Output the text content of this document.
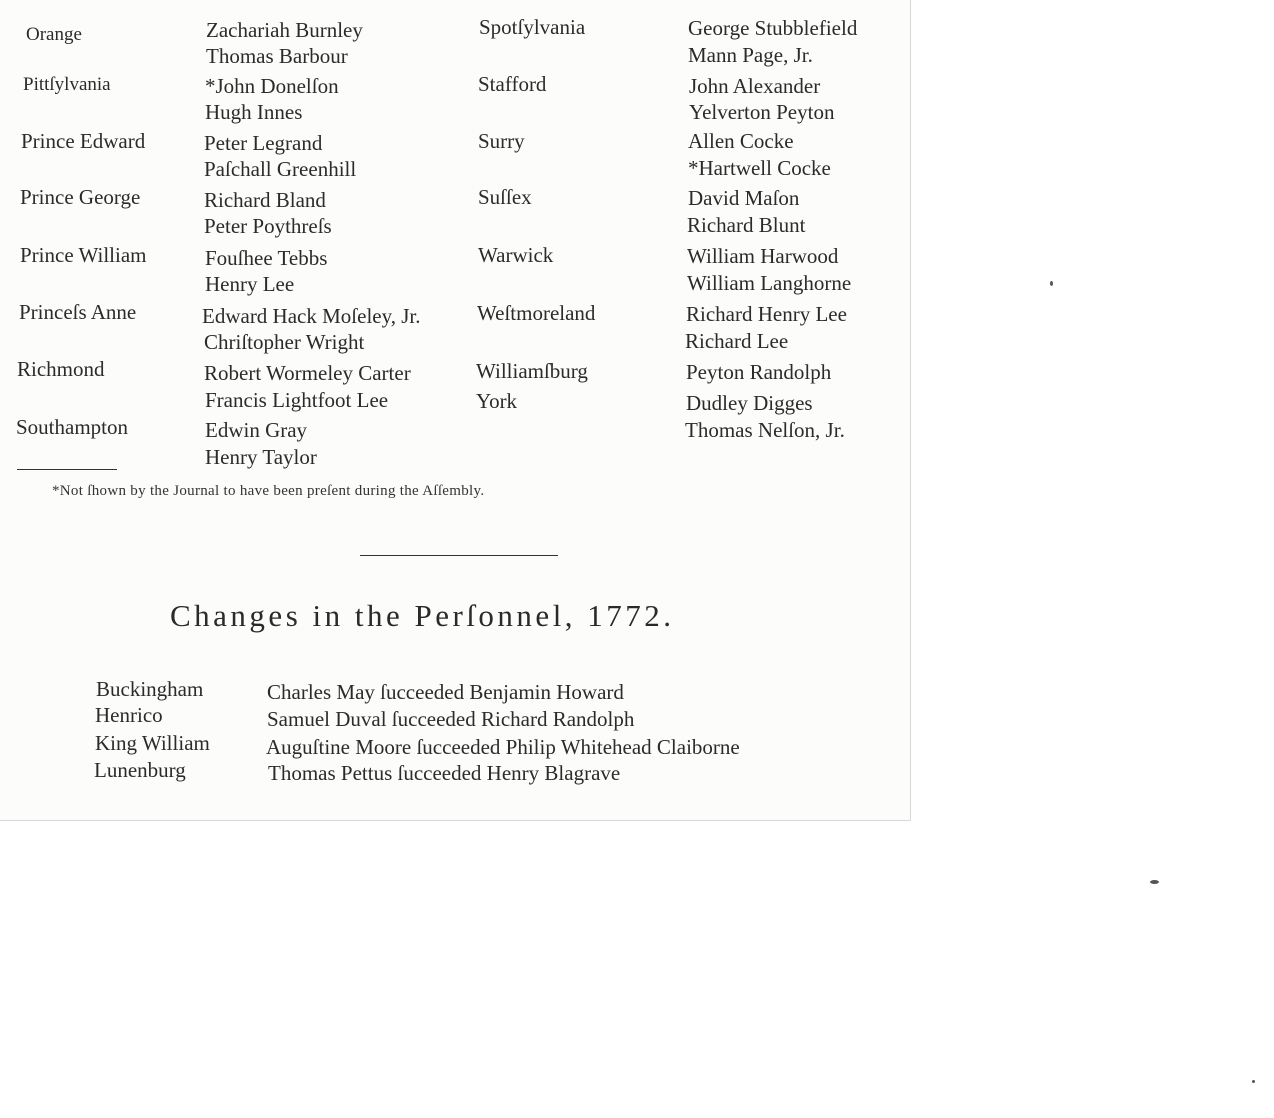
Orange
Pittſylvania
Prince Edward
Prince George
Prince William
Princeſs Anne
Richmond
Southampton
Zachariah Burnley
Thomas Barbour
*John Donelſon
Hugh Innes
Peter Legrand
Paſchall Greenhill
Richard Bland
Peter Poythreſs
Fouſhee Tebbs
Henry Lee
Edward Hack Moſeley, Jr.
Chriſtopher Wright
Robert Wormeley Carter
Francis Lightfoot Lee
Edwin Gray
Henry Taylor
Spotſylvania
Stafford
Surry
Suſſex
Warwick
Weſtmoreland
Williamſburg
York
George Stubblefield
Mann Page, Jr.
John Alexander
Yelverton Peyton
Allen Cocke
*Hartwell Cocke
David Maſon
Richard Blunt
William Harwood
William Langhorne
Richard Henry Lee
Richard Lee
Peyton Randolph
Dudley Digges
Thomas Nelſon, Jr.
*Not ſhown by the Journal to have been preſent during the Aſſembly.
Changes in the Perſonnel, 1772.
Buckingham
Henrico
King William
Lunenburg
Charles May ſucceeded Benjamin Howard
Samuel Duval ſucceeded Richard Randolph
Auguſtine Moore ſucceeded Philip Whitehead Claiborne
Thomas Pettus ſucceeded Henry Blagrave
